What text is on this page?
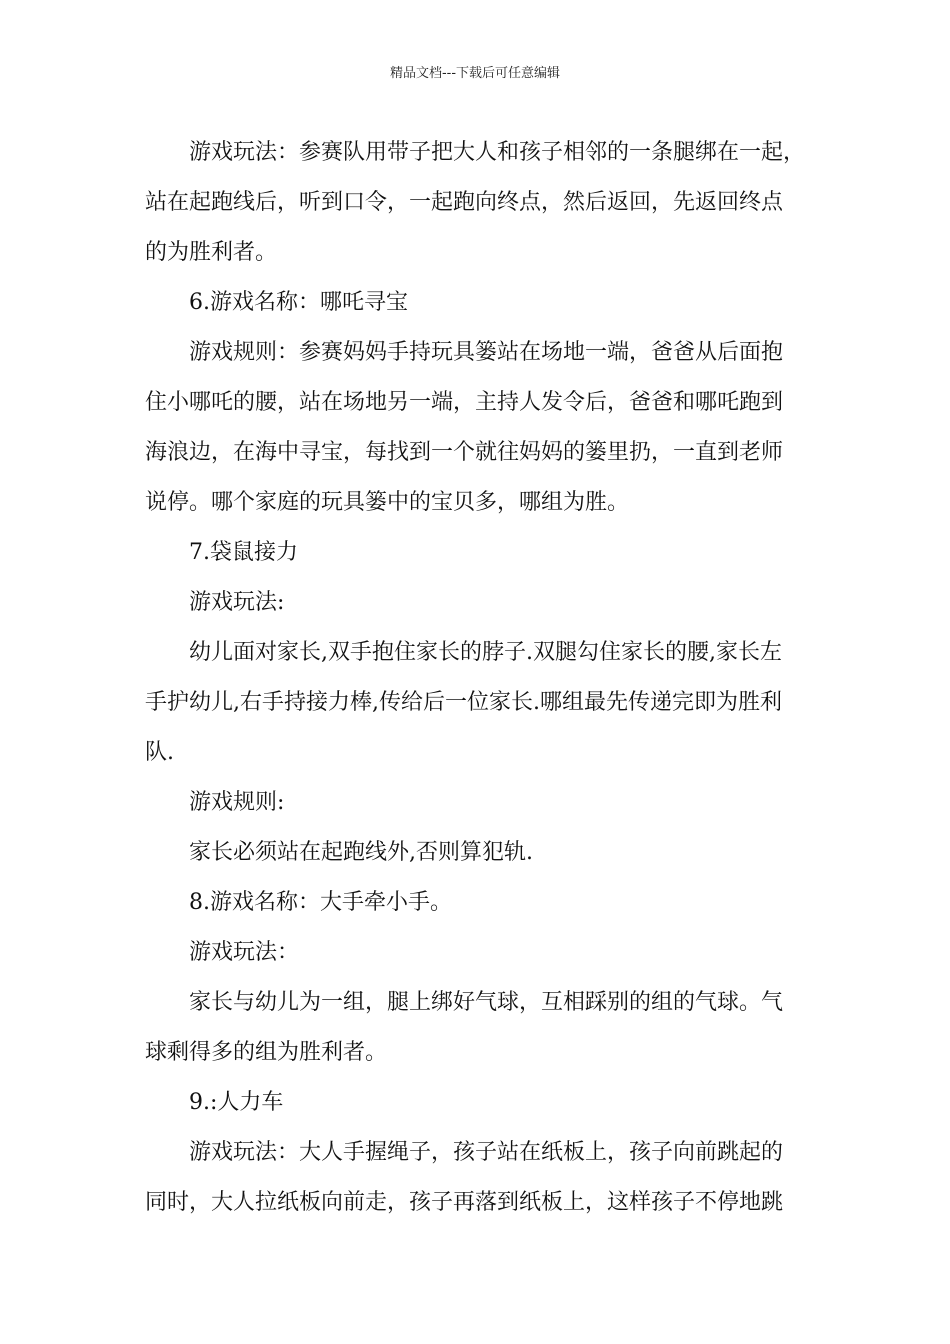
精品文档---下载后可任意编辑

游戏玩法：参赛队用带子把大人和孩子相邻的一条腿绑在一起，
站在起跑线后，听到口令，一起跑向终点，然后返回，先返回终点
的为胜利者。

6.游戏名称：哪吒寻宝

游戏规则：参赛妈妈手持玩具篓站在场地一端，爸爸从后面抱
住小哪吒的腰，站在场地另一端，主持人发令后，爸爸和哪吒跑到
海浪边，在海中寻宝，每找到一个就往妈妈的篓里扔，一直到老师
说停。哪个家庭的玩具篓中的宝贝多，哪组为胜。

7.袋鼠接力

游戏玩法:

幼儿面对家长,双手抱住家长的脖子.双腿勾住家长的腰,家长左
手护幼儿,右手持接力棒,传给后一位家长.哪组最先传递完即为胜利
队.

游戏规则:

家长必须站在起跑线外,否则算犯轨.

8.游戏名称：大手牵小手。

游戏玩法：

家长与幼儿为一组，腿上绑好气球，互相踩别的组的气球。气
球剩得多的组为胜利者。

9.:人力车

游戏玩法：大人手握绳子，孩子站在纸板上，孩子向前跳起的
同时，大人拉纸板向前走，孩子再落到纸板上，这样孩子不停地跳
